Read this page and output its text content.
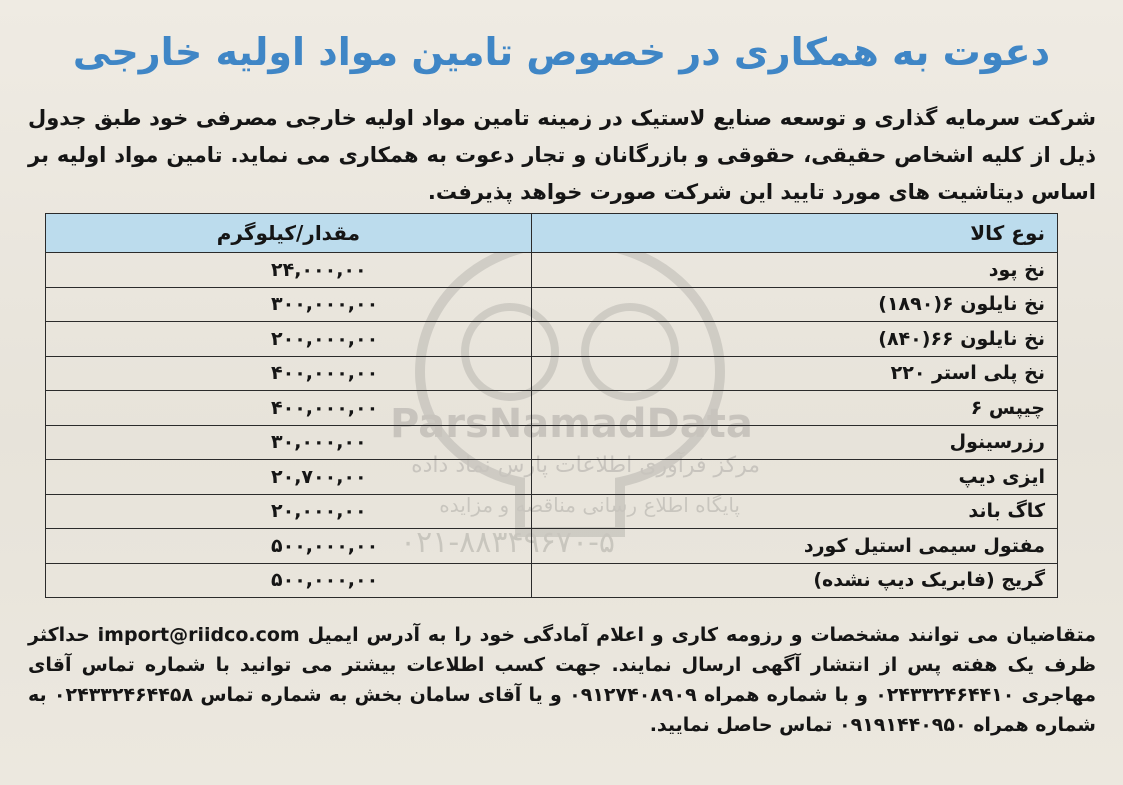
ParsNamadData
مرکز فرآوری اطلاعات پارس نماد داده
پایگاه اطلاع رسانی مناقصه و مزایده
۰۲۱-۸۸۳۴۹۶۷۰-۵
دعوت به همکاری در خصوص تامین مواد اولیه خارجی
شرکت سرمایه گذاری و توسعه صنایع لاستیک در زمینه تامین مواد اولیه خارجی مصرفی خود طبق جدول ذیل از کلیه اشخاص حقیقی، حقوقی و بازرگانان و تجار دعوت به همکاری می نماید. تامین مواد اولیه بر اساس دیتاشیت های مورد تایید این شرکت صورت خواهد پذیرفت.
نوع کالا	مقدار/کیلوگرم
نخ پود	۲۴,۰۰۰,۰۰
نخ نایلون ۶(۱۸۹۰)	۳۰۰,۰۰۰,۰۰
نخ نایلون ۶۶(۸۴۰)	۲۰۰,۰۰۰,۰۰
نخ پلی استر ۲۲۰	۴۰۰,۰۰۰,۰۰
چیپس ۶	۴۰۰,۰۰۰,۰۰
رزرسینول	۳۰,۰۰۰,۰۰
ایزی دیپ	۲۰,۷۰۰,۰۰
کاگ باند	۲۰,۰۰۰,۰۰
مفتول سیمی استیل کورد	۵۰۰,۰۰۰,۰۰
گریج (فابریک دیپ نشده)	۵۰۰,۰۰۰,۰۰
متقاضیان می توانند مشخصات و رزومه کاری و اعلام آمادگی خود را به آدرس ایمیل import@riidco.com حداکثر ظرف یک هفته پس از انتشار آگهی ارسال نمایند. جهت کسب اطلاعات بیشتر می توانید با شماره تماس آقای مهاجری ۰۲۴۳۳۲۴۶۴۴۱۰ و با شماره همراه ۰۹۱۲۷۴۰۸۹۰۹ و یا آقای سامان بخش به شماره تماس ۰۲۴۳۳۲۴۶۴۴۵۸ به شماره همراه ۰۹۱۹۱۴۴۰۹۵۰ تماس حاصل نمایید.
